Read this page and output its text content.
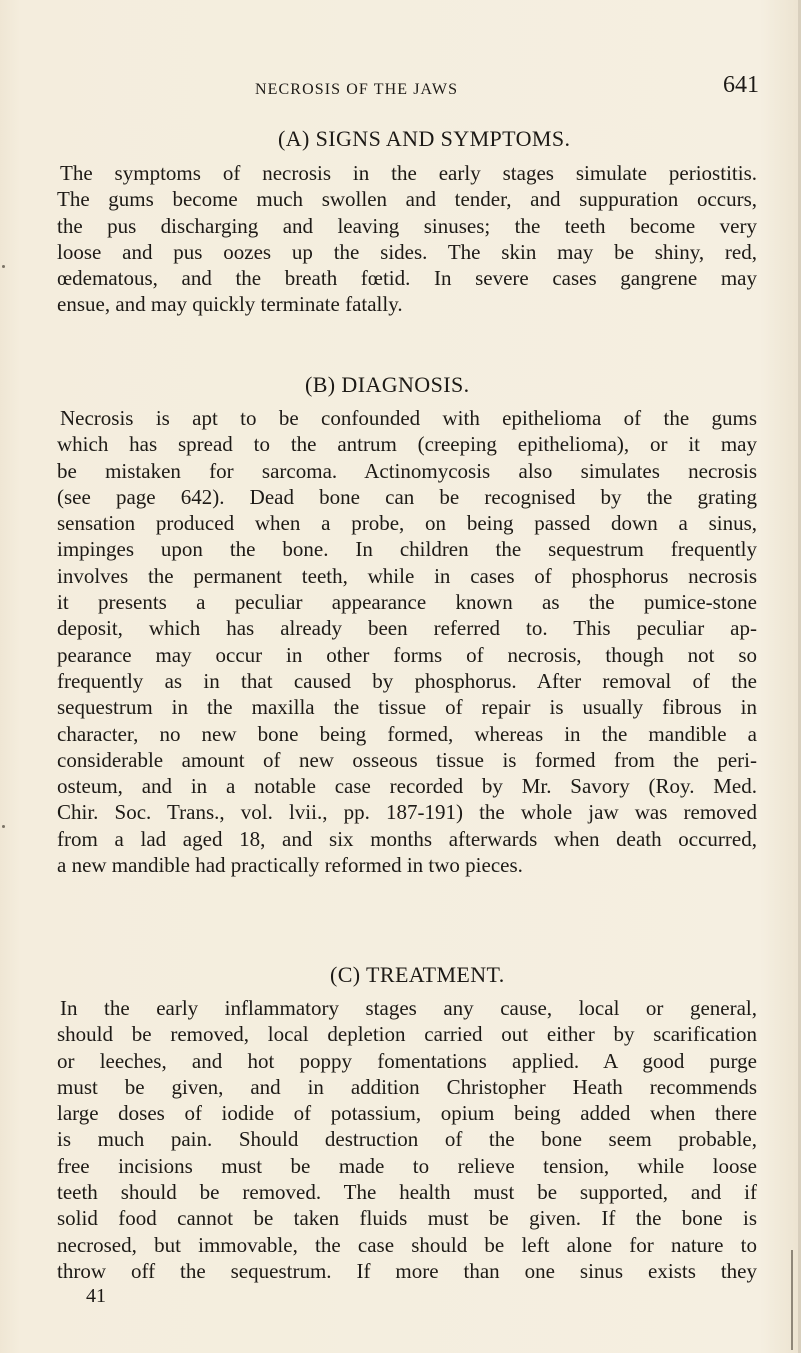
NECROSIS OF THE JAWS	641
(A) SIGNS AND SYMPTOMS.
The symptoms of necrosis in the early stages simulate periostitis.
The gums become much swollen and tender, and suppuration occurs,
the pus discharging and leaving sinuses; the teeth become very
loose and pus oozes up the sides. The skin may be shiny, red,
œdematous, and the breath fœtid. In severe cases gangrene may
ensue, and may quickly terminate fatally.
(B) DIAGNOSIS.
Necrosis is apt to be confounded with epithelioma of the gums
which has spread to the antrum (creeping epithelioma), or it may
be mistaken for sarcoma. Actinomycosis also simulates necrosis
(see page 642). Dead bone can be recognised by the grating
sensation produced when a probe, on being passed down a sinus,
impinges upon the bone. In children the sequestrum frequently
involves the permanent teeth, while in cases of phosphorus necrosis
it presents a peculiar appearance known as the pumice-stone
deposit, which has already been referred to. This peculiar ap-
pearance may occur in other forms of necrosis, though not so
frequently as in that caused by phosphorus. After removal of the
sequestrum in the maxilla the tissue of repair is usually fibrous in
character, no new bone being formed, whereas in the mandible a
considerable amount of new osseous tissue is formed from the peri-
osteum, and in a notable case recorded by Mr. Savory (Roy. Med.
Chir. Soc. Trans., vol. lvii., pp. 187-191) the whole jaw was removed
from a lad aged 18, and six months afterwards when death occurred,
a new mandible had practically reformed in two pieces.
(C) TREATMENT.
In the early inflammatory stages any cause, local or general,
should be removed, local depletion carried out either by scarification
or leeches, and hot poppy fomentations applied. A good purge
must be given, and in addition Christopher Heath recommends
large doses of iodide of potassium, opium being added when there
is much pain. Should destruction of the bone seem probable,
free incisions must be made to relieve tension, while loose
teeth should be removed. The health must be supported, and if
solid food cannot be taken fluids must be given. If the bone is
necrosed, but immovable, the case should be left alone for nature to
throw off the sequestrum. If more than one sinus exists they
41
